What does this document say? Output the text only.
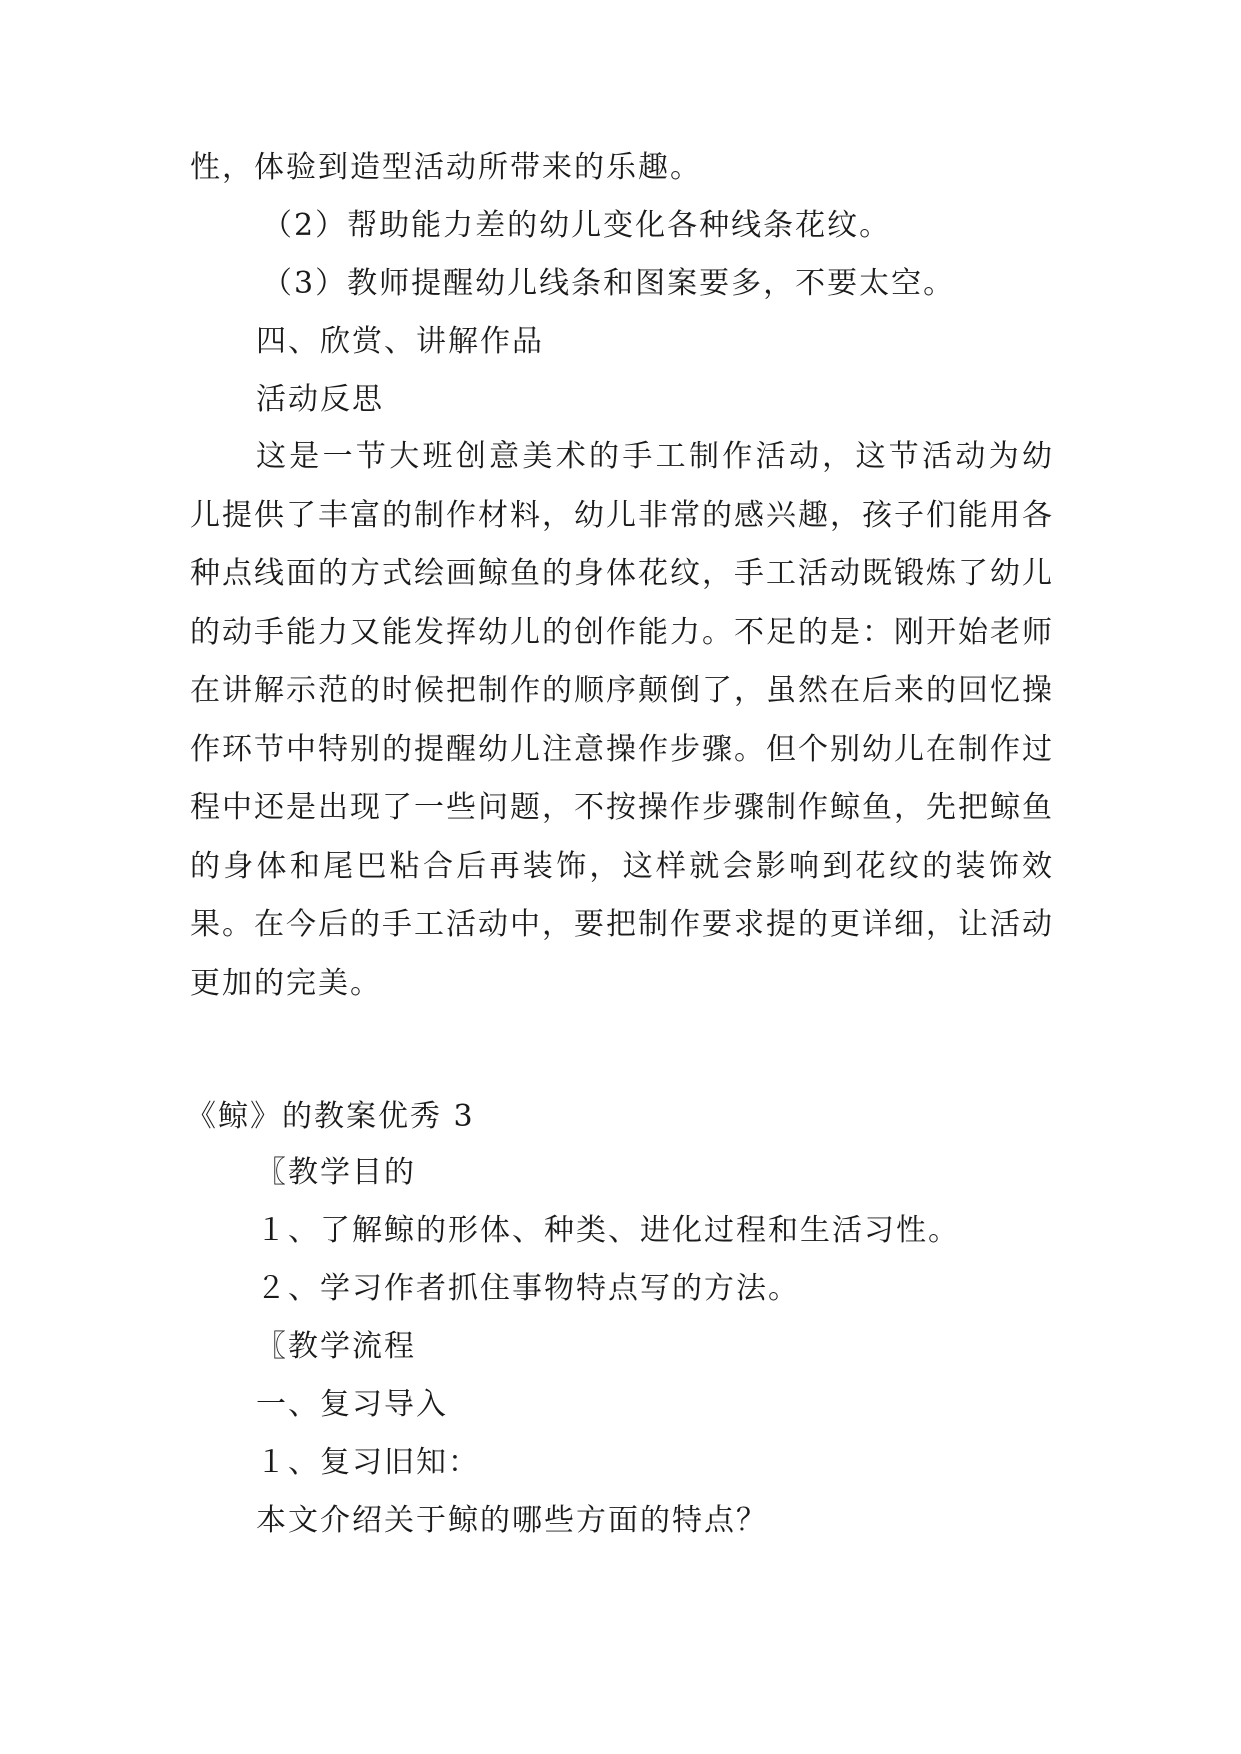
性，体验到造型活动所带来的乐趣。
（2）帮助能力差的幼儿变化各种线条花纹。
（3）教师提醒幼儿线条和图案要多，不要太空。
四、欣赏、讲解作品
活动反思
这是一节大班创意美术的手工制作活动，这节活动为幼儿提供了丰富的制作材料，幼儿非常的感兴趣，孩子们能用各种点线面的方式绘画鲸鱼的身体花纹，手工活动既锻炼了幼儿的动手能力又能发挥幼儿的创作能力。不足的是：刚开始老师在讲解示范的时候把制作的顺序颠倒了，虽然在后来的回忆操作环节中特别的提醒幼儿注意操作步骤。但个别幼儿在制作过程中还是出现了一些问题，不按操作步骤制作鲸鱼，先把鲸鱼的身体和尾巴粘合后再装饰，这样就会影响到花纹的装饰效果。在今后的手工活动中，要把制作要求提的更详细，让活动更加的完美。
《鲸》的教案优秀 3
〖教学目的
１、了解鲸的形体、种类、进化过程和生活习性。
２、学习作者抓住事物特点写的方法。
〖教学流程
一、复习导入
１、复习旧知：
本文介绍关于鲸的哪些方面的特点？
